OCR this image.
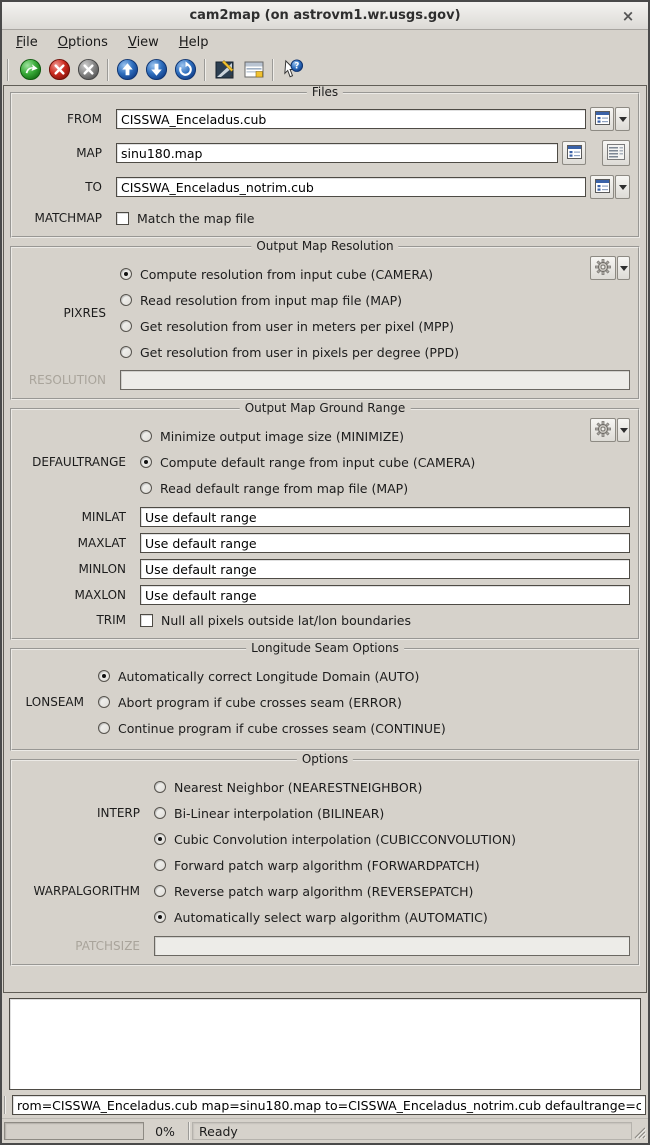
cam2map (on astrovm1.wr.usgs.gov)	×
File	Options	View	Help
?
Files
FROM
CISSWA_Enceladus.cub
MAP
sinu180.map
TO
CISSWA_Enceladus_notrim.cub
MATCHMAP	Match the map file
Output Map Resolution
PIXRES
Compute resolution from input cube (CAMERA)
Read resolution from input map file (MAP)
Get resolution from user in meters per pixel (MPP)
Get resolution from user in pixels per degree (PPD)
RESOLUTION
Output Map Ground Range
DEFAULTRANGE
Minimize output image size (MINIMIZE)
Compute default range from input cube (CAMERA)
Read default range from map file (MAP)
MINLAT
Use default range
MAXLAT
Use default range
MINLON
Use default range
MAXLON
Use default range
TRIM	Null all pixels outside lat/lon boundaries
Longitude Seam Options
LONSEAM
Automatically correct Longitude Domain (AUTO)
Abort program if cube crosses seam (ERROR)
Continue program if cube crosses seam (CONTINUE)
Options
INTERP
Nearest Neighbor (NEARESTNEIGHBOR)
Bi-Linear interpolation (BILINEAR)
Cubic Convolution interpolation (CUBICCONVOLUTION)
WARPALGORITHM
Forward patch warp algorithm (FORWARDPATCH)
Reverse patch warp algorithm (REVERSEPATCH)
Automatically select warp algorithm (AUTOMATIC)
PATCHSIZE
rom=CISSWA_Enceladus.cub map=sinu180.map to=CISSWA_Enceladus_notrim.cub defaultrange=camera
0%	Ready
